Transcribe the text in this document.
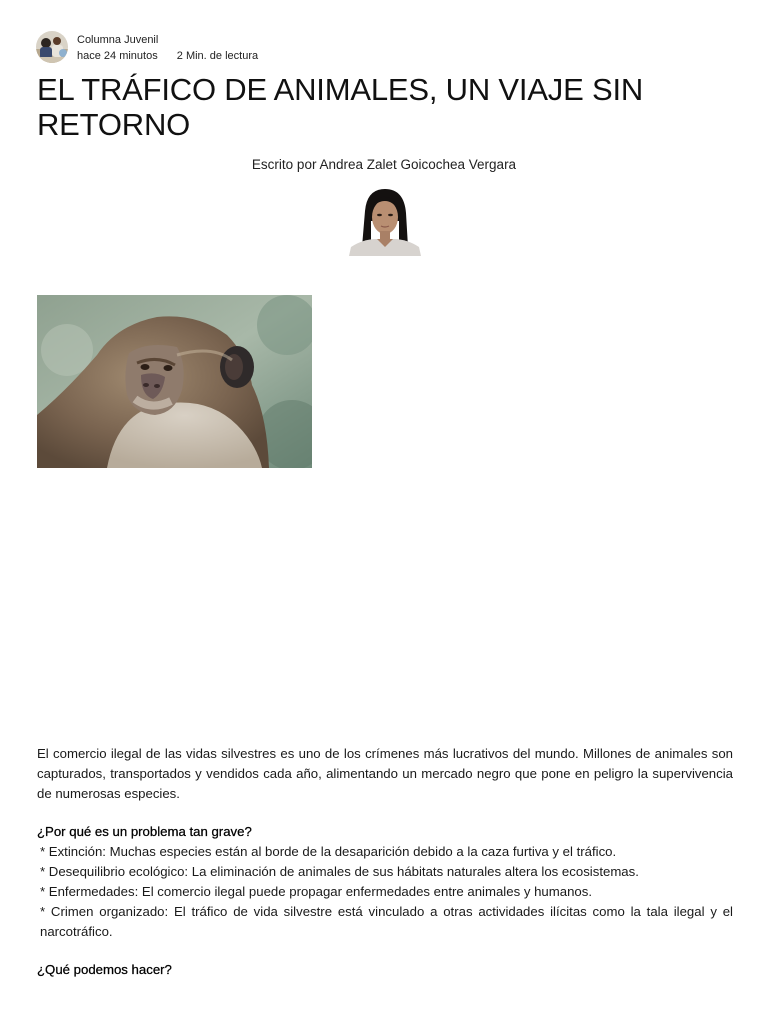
Columna Juvenil
hace 24 minutos 2 Min. de lectura
EL TRÁFICO DE ANIMALES, UN VIAJE SIN RETORNO
Escrito por Andrea Zalet Goicochea Vergara

El comercio ilegal de las vidas silvestres es uno de los crímenes más lucrativos del mundo. Millones de animales son capturados, transportados y vendidos cada año, alimentando un mercado negro que pone en peligro la supervivencia de numerosas especies.

¿Por qué es un problema tan grave?

* Extinción: Muchas especies están al borde de la desaparición debido a la caza furtiva y el tráfico.

* Desequilibrio ecológico: La eliminación de animales de sus hábitats naturales altera los ecosistemas.

* Enfermedades: El comercio ilegal puede propagar enfermedades entre animales y humanos.

* Crimen organizado: El tráfico de vida silvestre está vinculado a otras actividades ilícitas como la tala ilegal y el narcotráfico.

¿Qué podemos hacer?
